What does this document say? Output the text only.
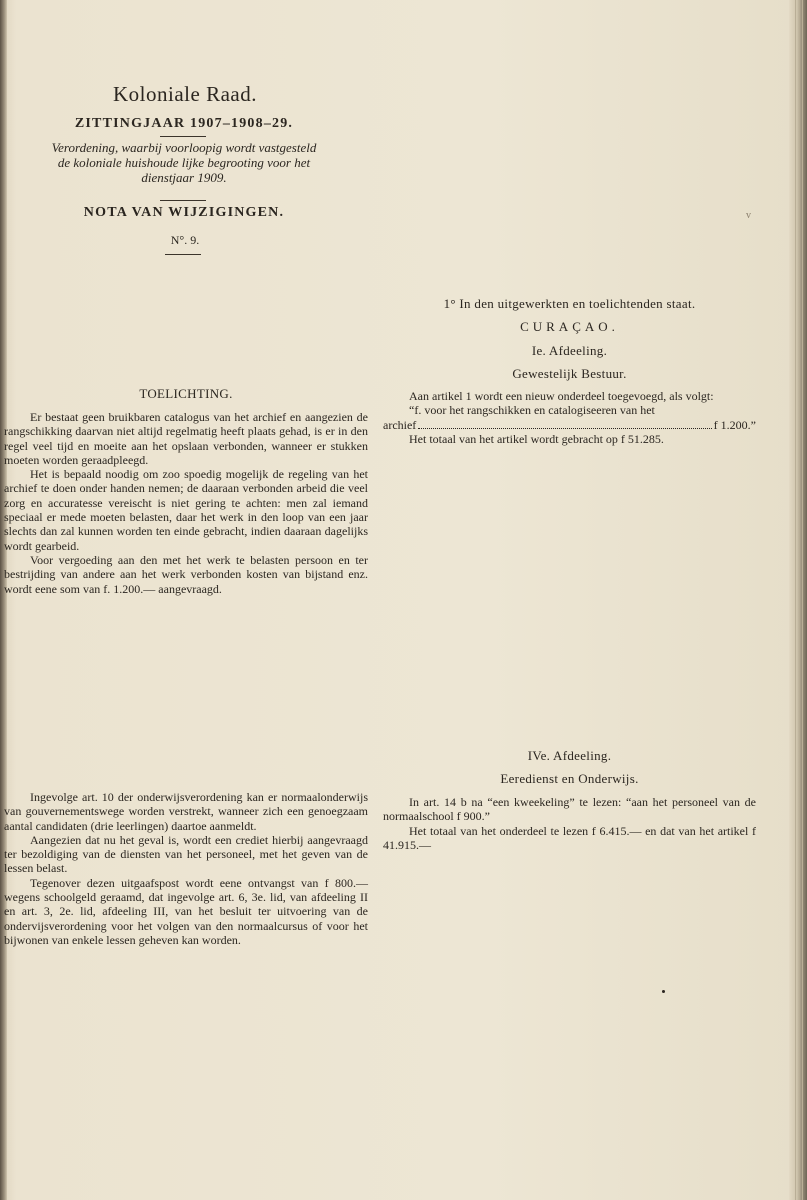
Koloniale Raad.
ZITTINGJAAR 1907–1908–29.
Verordening, waarbij voorloopig wordt vastgesteld de koloniale huishoude lijke begrooting voor het dienstjaar 1909.
NOTA VAN WIJZIGINGEN.
N°. 9.
v
TOELICHTING.

Er bestaat geen bruikbaren catalogus van het archief en aangezien de rangschikking daarvan niet altijd regelmatig heeft plaats gehad, is er in den regel veel tijd en moeite aan het opslaan verbonden, wanneer er stukken moeten worden geraadpleegd.

Het is bepaald noodig om zoo spoedig mogelijk de regeling van het archief te doen onder handen nemen; de daaraan verbonden arbeid die veel zorg en accuratesse vereischt is niet gering te achten: men zal iemand speciaal er mede moeten belasten, daar het werk in den loop van een jaar slechts dan zal kunnen worden ten einde gebracht, indien daaraan dagelijks wordt gearbeid.

Voor vergoeding aan den met het werk te belasten persoon en ter bestrijding van andere aan het werk verbonden kosten van bijstand enz. wordt eene som van f. 1.200.— aangevraagd.

Ingevolge art. 10 der onderwijsverordening kan er normaalonderwijs van gouvernementswege worden verstrekt, wanneer zich een genoegzaam aantal candidaten (drie leerlingen) daartoe aanmeldt.

Aangezien dat nu het geval is, wordt een crediet hierbij aangevraagd ter bezoldiging van de diensten van het personeel, met het geven van de lessen belast.

Tegenover dezen uitgaafspost wordt eene ontvangst van f 800.—wegens schoolgeld geraamd, dat ingevolge art. 6, 3e. lid, van afdeeling II en art. 3, 2e. lid, afdeeling III, van het besluit ter uitvoering van de ondervijsverordening voor het volgen van den normaalcursus of voor het bijwonen van enkele lessen geheven kan worden.

1° In den uitgewerkten en toelichtenden staat.
CURAÇAO.
Ie. Afdeeling.
Gewestelijk Bestuur.

Aan artikel 1 wordt een nieuw onderdeel toegevoegd, als volgt:

“f. voor het rangschikken en catalogiseeren van het

archief	f 1.200.”

Het totaal van het artikel wordt gebracht op f 51.285.

IVe. Afdeeling.
Eeredienst en Onderwijs.

In art. 14 b na “een kweekeling” te lezen: “aan het personeel van de normaalschool f 900.”

Het totaal van het onderdeel te lezen f 6.415.— en dat van het artikel f 41.915.—
